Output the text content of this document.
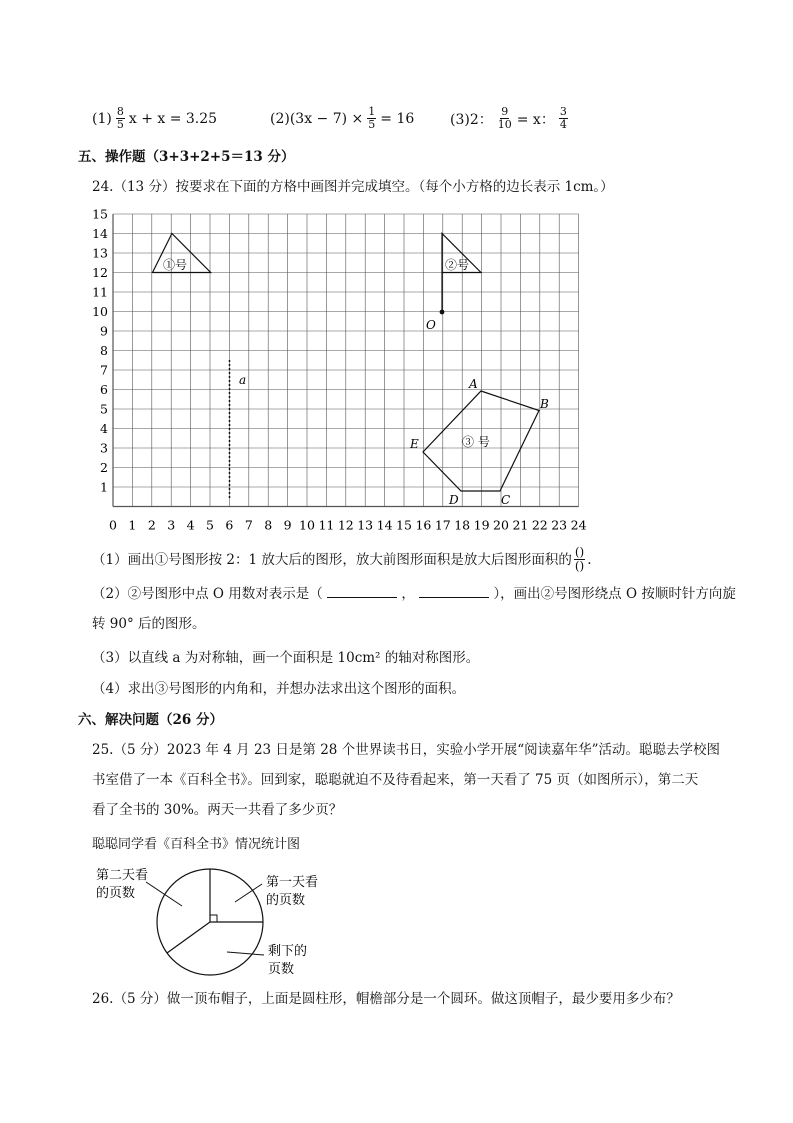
$(1) \frac{8}{5}$ x + x = 3.25	$(2)(3x - 7) \times \frac{1}{5} = 16$	(3)2： $\frac{9}{10} = x$： $\frac{3}{4}$
五、操作题（3+3+2+5＝13 分）
24.（13 分）按要求在下面的方格中画图并完成填空。（每个小方格的边长表示 1cm。）
15
14
13
12
11
10
9
8
7
6
5
4
3
2
1
0 1 2 3 4 5 6 7 8 9 10 11 12 13 14 15 16 17 18 19 20 21 22 23 24
①号	②号
O
a
③ 号
A
B
C
D
E
（1）画出①号图形按 2：1 放大后的图形，放大前图形面积是放大后图形面积的 $\frac{()}{()}$ .
（2）②号图形中点 O 用数对表示是（	，	），画出②号图形绕点 O 按顺时针方向旋
转 90° 后的图形。
（3）以直线 a 为对称轴，画一个面积是 10cm² 的轴对称图形。
（4）求出③号图形的内角和，并想办法求出这个图形的面积。
六、解决问题（26 分）
25.（5 分）2023 年 4 月 23 日是第 28 个世界读书日，实验小学开展“阅读嘉年华”活动。聪聪去学校图
书室借了一本《百科全书》。回到家，聪聪就迫不及待看起来，第一天看了 75 页（如图所示），第二天
看了全书的 30%。两天一共看了多少页？
聪聪同学看《百科全书》情况统计图
第二天看
的页数
第一天看
的页数
剩下的
页数
26.（5 分）做一顶布帽子，上面是圆柱形，帽檐部分是一个圆环。做这顶帽子，最少要用多少布？
